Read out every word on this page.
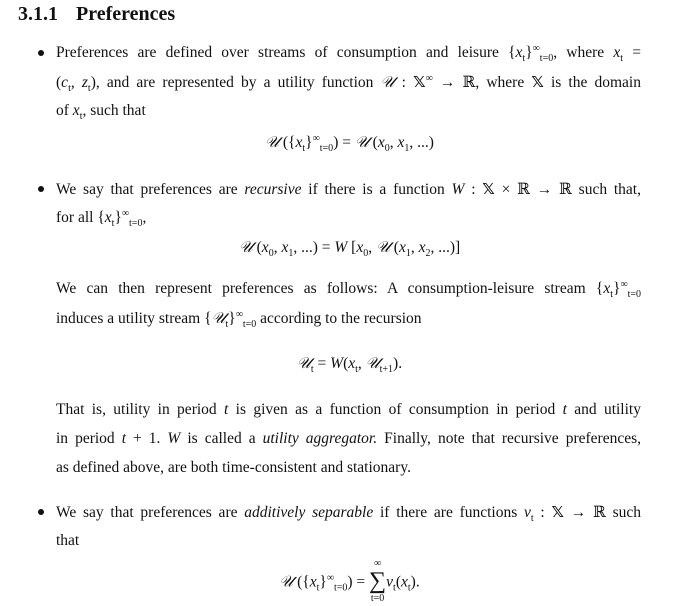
3.1.1 Preferences
Preferences are defined over streams of consumption and leisure $\{x_t\}^\infty_{t=0}$, where $x_t$ =
($c_t$, $z_t$), and are represented by a utility function 𝒰 : 𝕏∞ → ℝ, where 𝕏 is the domain
of $x_t$, such that
𝒰 $(\{x_t\}^\infty_{t=0})$ = 𝒰 ($x_0$, $x_1$, ...)
We say that preferences are recursive if there is a function W : 𝕏 × ℝ → ℝ such that,
for all $\{x_t\}^\infty_{t=0}$,
𝒰 ($x_0$, $x_1$, ...) = W [$x_0$, 𝒰 ($x_1$, $x_2$, ...)]
We can then represent preferences as follows: A consumption-leisure stream $\{x_t\}^\infty_{t=0}$
induces a utility stream $\{𝒰_t\}^\infty_{t=0}$ according to the recursion
𝒰$_t$ = $W(x_t$, 𝒰$_{t+1}$).
That is, utility in period t is given as a function of consumption in period t and utility
in period t + 1. W is called a utility aggregator. Finally, note that recursive preferences,
as defined above, are both time-consistent and stationary.
We say that preferences are additively separable if there are functions $v_t$ : 𝕏 → ℝ such
that
𝒰 $(\{x_t\}^\infty_{t=0})$ =
∞
∑
t=0
$v_t(x_t)$.
